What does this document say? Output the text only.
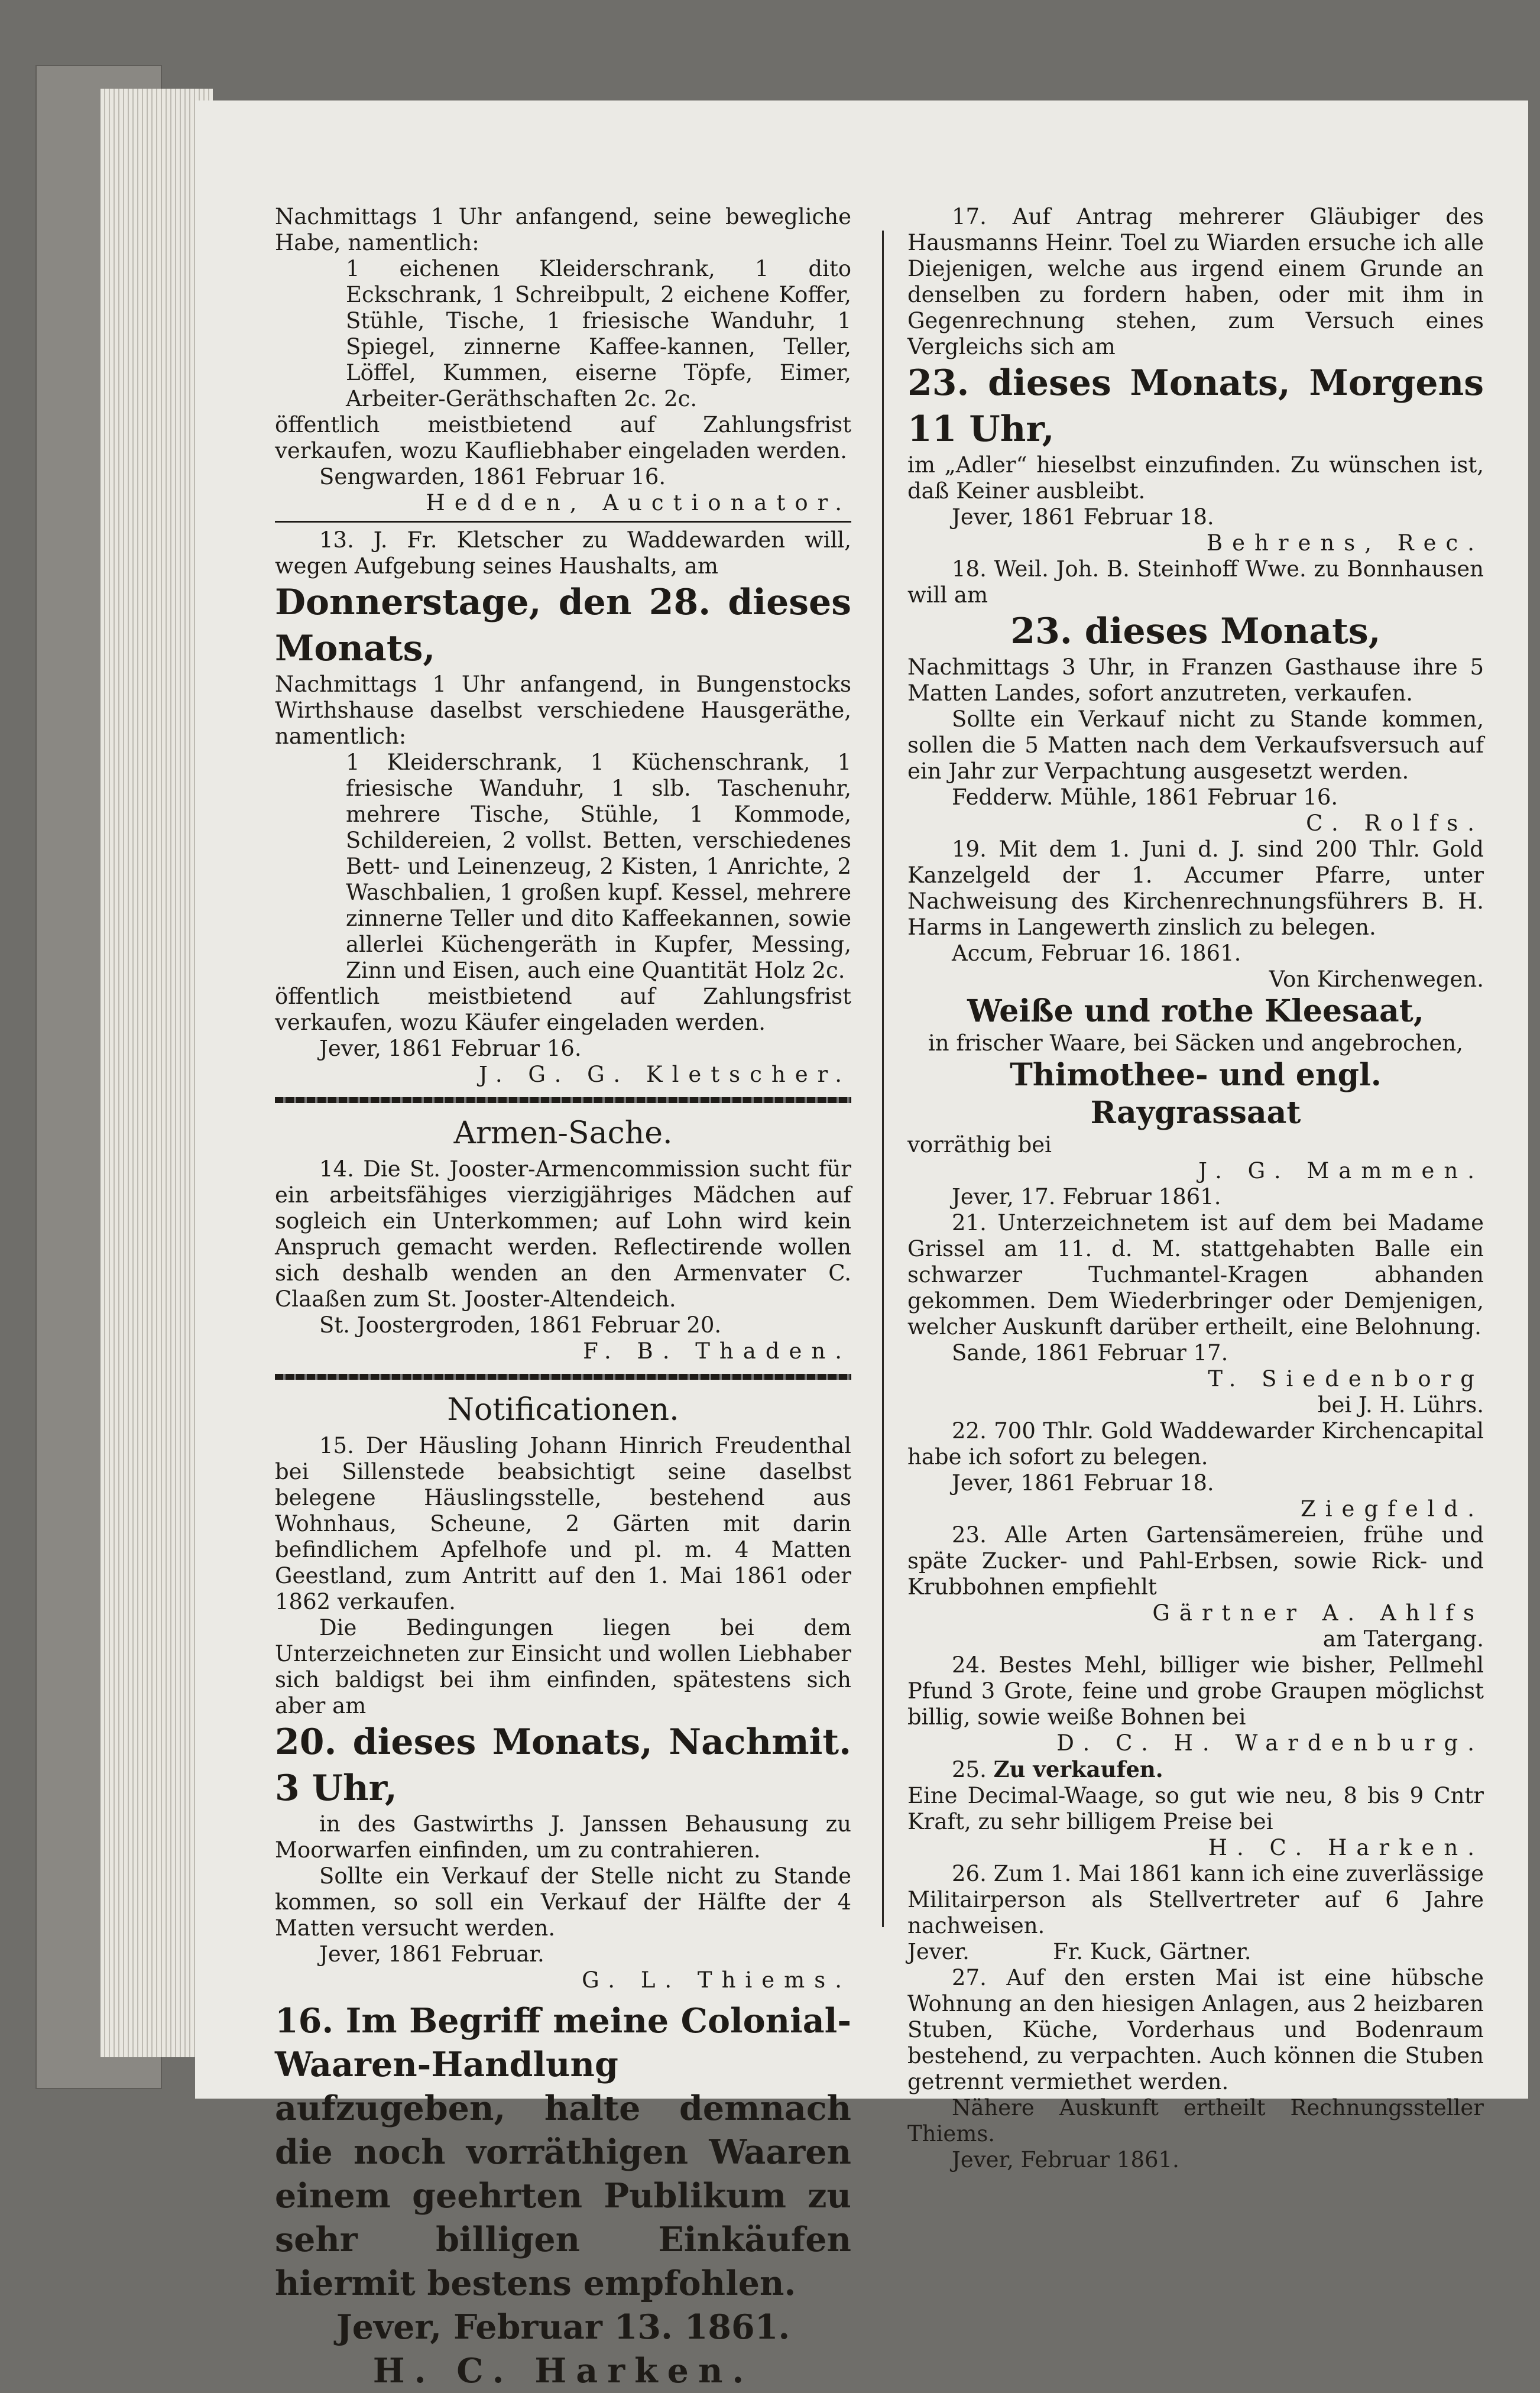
Nachmittags 1 Uhr anfangend, seine bewegliche Habe, namentlich:

1 eichenen Kleiderschrank, 1 dito Eckschrank, 1 Schreibpult, 2 eichene Koffer, Stühle, Tische, 1 friesische Wanduhr, 1 Spiegel, zinnerne Kaffee-kannen, Teller, Löffel, Kummen, eiserne Töpfe, Eimer, Arbeiter-Geräthschaften 2c. 2c.

öffentlich meistbietend auf Zahlungsfrist verkaufen, wozu Kaufliebhaber eingeladen werden.

Sengwarden, 1861 Februar 16.

Hedden, Auctionator.

13. J. Fr. Kletscher zu Waddewarden will, wegen Aufgebung seines Haushalts, am

Donnerstage, den 28. dieses Monats,

Nachmittags 1 Uhr anfangend, in Bungenstocks Wirthshause daselbst verschiedene Hausgeräthe, namentlich:

1 Kleiderschrank, 1 Küchenschrank, 1 friesische Wanduhr, 1 slb. Taschenuhr, mehrere Tische, Stühle, 1 Kommode, Schildereien, 2 vollst. Betten, verschiedenes Bett- und Leinenzeug, 2 Kisten, 1 Anrichte, 2 Waschbalien, 1 großen kupf. Kessel, mehrere zinnerne Teller und dito Kaffeekannen, sowie allerlei Küchengeräth in Kupfer, Messing, Zinn und Eisen, auch eine Quantität Holz 2c.

öffentlich meistbietend auf Zahlungsfrist verkaufen, wozu Käufer eingeladen werden.

Jever, 1861 Februar 16.

J. G. G. Kletscher.

Armen-Sache.

14. Die St. Jooster-Armencommission sucht für ein arbeitsfähiges vierzigjähriges Mädchen auf sogleich ein Unterkommen; auf Lohn wird kein Anspruch gemacht werden. Reflectirende wollen sich deshalb wenden an den Armenvater C. Claaßen zum St. Jooster-Altendeich.

St. Joostergroden, 1861 Februar 20.

F. B. Thaden.

Notificationen.

15. Der Häusling Johann Hinrich Freudenthal bei Sillenstede beabsichtigt seine daselbst belegene Häuslingsstelle, bestehend aus Wohnhaus, Scheune, 2 Gärten mit darin befindlichem Apfelhofe und pl. m. 4 Matten Geestland, zum Antritt auf den 1. Mai 1861 oder 1862 verkaufen.

Die Bedingungen liegen bei dem Unterzeichneten zur Einsicht und wollen Liebhaber sich baldigst bei ihm einfinden, spätestens sich aber am

20. dieses Monats, Nachmit. 3 Uhr,

in des Gastwirths J. Janssen Behausung zu Moorwarfen einfinden, um zu contrahieren.

Sollte ein Verkauf der Stelle nicht zu Stande kommen, so soll ein Verkauf der Hälfte der 4 Matten versucht werden.

Jever, 1861 Februar.

G. L. Thiems.

16. Im Begriff meine Colonial-Waaren-Handlung aufzugeben, halte demnach die noch vorräthigen Waaren einem geehrten Publikum zu sehr billigen Einkäufen hiermit bestens empfohlen.

Jever, Februar 13. 1861.

H. C. Harken.

17. Auf Antrag mehrerer Gläubiger des Hausmanns Heinr. Toel zu Wiarden ersuche ich alle Diejenigen, welche aus irgend einem Grunde an denselben zu fordern haben, oder mit ihm in Gegenrechnung stehen, zum Versuch eines Vergleichs sich am

23. dieses Monats, Morgens 11 Uhr,

im „Adler“ hieselbst einzufinden. Zu wünschen ist, daß Keiner ausbleibt.

Jever, 1861 Februar 18.

Behrens, Rec.

18. Weil. Joh. B. Steinhoff Wwe. zu Bonnhausen will am

23. dieses Monats,

Nachmittags 3 Uhr, in Franzen Gasthause ihre 5 Matten Landes, sofort anzutreten, verkaufen.

Sollte ein Verkauf nicht zu Stande kommen, sollen die 5 Matten nach dem Verkaufsversuch auf ein Jahr zur Verpachtung ausgesetzt werden.

Fedderw. Mühle, 1861 Februar 16.

C. Rolfs.

19. Mit dem 1. Juni d. J. sind 200 Thlr. Gold Kanzelgeld der 1. Accumer Pfarre, unter Nachweisung des Kirchenrechnungsführers B. H. Harms in Langewerth zinslich zu belegen.

Accum, Februar 16. 1861.

Von Kirchenwegen.

Weiße und rothe Kleesaat,

in frischer Waare, bei Säcken und angebrochen,

Thimothee- und engl. Raygrassaat

vorräthig bei

J. G. Mammen.

Jever, 17. Februar 1861.

21. Unterzeichnetem ist auf dem bei Madame Grissel am 11. d. M. stattgehabten Balle ein schwarzer Tuchmantel-Kragen abhanden gekommen. Dem Wiederbringer oder Demjenigen, welcher Auskunft darüber ertheilt, eine Belohnung.

Sande, 1861 Februar 17.

T. Siedenborg

bei J. H. Lührs.

22. 700 Thlr. Gold Waddewarder Kirchencapital habe ich sofort zu belegen.

Jever, 1861 Februar 18.

Ziegfeld.

23. Alle Arten Gartensämereien, frühe und späte Zucker- und Pahl-Erbsen, sowie Rick- und Krubbohnen empfiehlt

Gärtner A. Ahlfs

am Tatergang.

24. Bestes Mehl, billiger wie bisher, Pellmehl Pfund 3 Grote, feine und grobe Graupen möglichst billig, sowie weiße Bohnen bei

D. C. H. Wardenburg.

25. Zu verkaufen.

Eine Decimal-Waage, so gut wie neu, 8 bis 9 Cntr Kraft, zu sehr billigem Preise bei

H. C. Harken.

26. Zum 1. Mai 1861 kann ich eine zuverlässige Militairperson als Stellvertreter auf 6 Jahre nachweisen.

Jever.	Fr. Kuck, Gärtner.

27. Auf den ersten Mai ist eine hübsche Wohnung an den hiesigen Anlagen, aus 2 heizbaren Stuben, Küche, Vorderhaus und Bodenraum bestehend, zu verpachten. Auch können die Stuben getrennt vermiethet werden.

Nähere Auskunft ertheilt Rechnungssteller Thiems.

Jever, Februar 1861.
